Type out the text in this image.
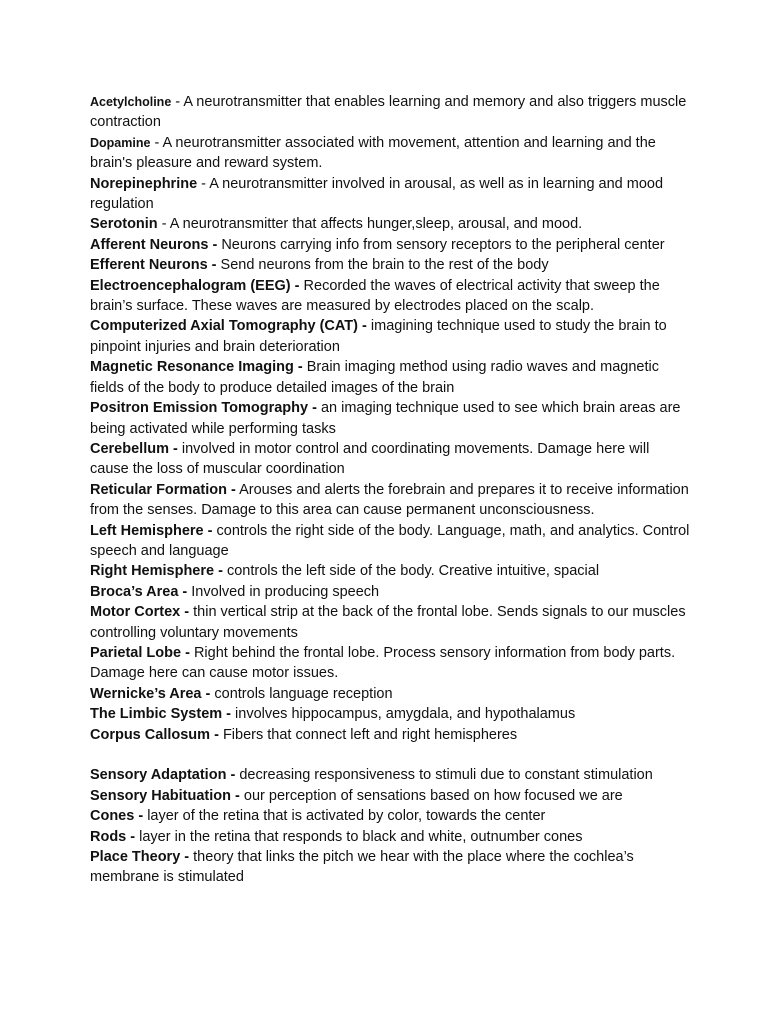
Acetylcholine - A neurotransmitter that enables learning and memory and also triggers muscle contraction

Dopamine - A neurotransmitter associated with movement, attention and learning and the brain's pleasure and reward system.

Norepinephrine - A neurotransmitter involved in arousal, as well as in learning and mood regulation

Serotonin - A neurotransmitter that affects hunger,sleep, arousal, and mood.

Afferent Neurons - Neurons carrying info from sensory receptors to the peripheral center

Efferent Neurons - Send neurons from the brain to the rest of the body

Electroencephalogram (EEG) - Recorded the waves of electrical activity that sweep the brain’s surface. These waves are measured by electrodes placed on the scalp.

Computerized Axial Tomography (CAT) - imagining technique used to study the brain to pinpoint injuries and brain deterioration

Magnetic Resonance Imaging - Brain imaging method using radio waves and magnetic fields of the body to produce detailed images of the brain

Positron Emission Tomography - an imaging technique used to see which brain areas are being activated while performing tasks

Cerebellum - involved in motor control and coordinating movements. Damage here will cause the loss of muscular coordination

Reticular Formation - Arouses and alerts the forebrain and prepares it to receive information from the senses. Damage to this area can cause permanent unconsciousness.

Left Hemisphere - controls the right side of the body. Language, math, and analytics. Control speech and language

Right Hemisphere - controls the left side of the body. Creative intuitive, spacial

Broca’s Area - Involved in producing speech

Motor Cortex - thin vertical strip at the back of the frontal lobe. Sends signals to our muscles controlling voluntary movements

Parietal Lobe - Right behind the frontal lobe. Process sensory information from body parts. Damage here can cause motor issues.

Wernicke’s Area - controls language reception

The Limbic System - involves hippocampus, amygdala, and hypothalamus

Corpus Callosum - Fibers that connect left and right hemispheres

Sensory Adaptation - decreasing responsiveness to stimuli due to constant stimulation

Sensory Habituation - our perception of sensations based on how focused we are

Cones - layer of the retina that is activated by color, towards the center

Rods - layer in the retina that responds to black and white, outnumber cones

Place Theory - theory that links the pitch we hear with the place where the cochlea’s membrane is stimulated
